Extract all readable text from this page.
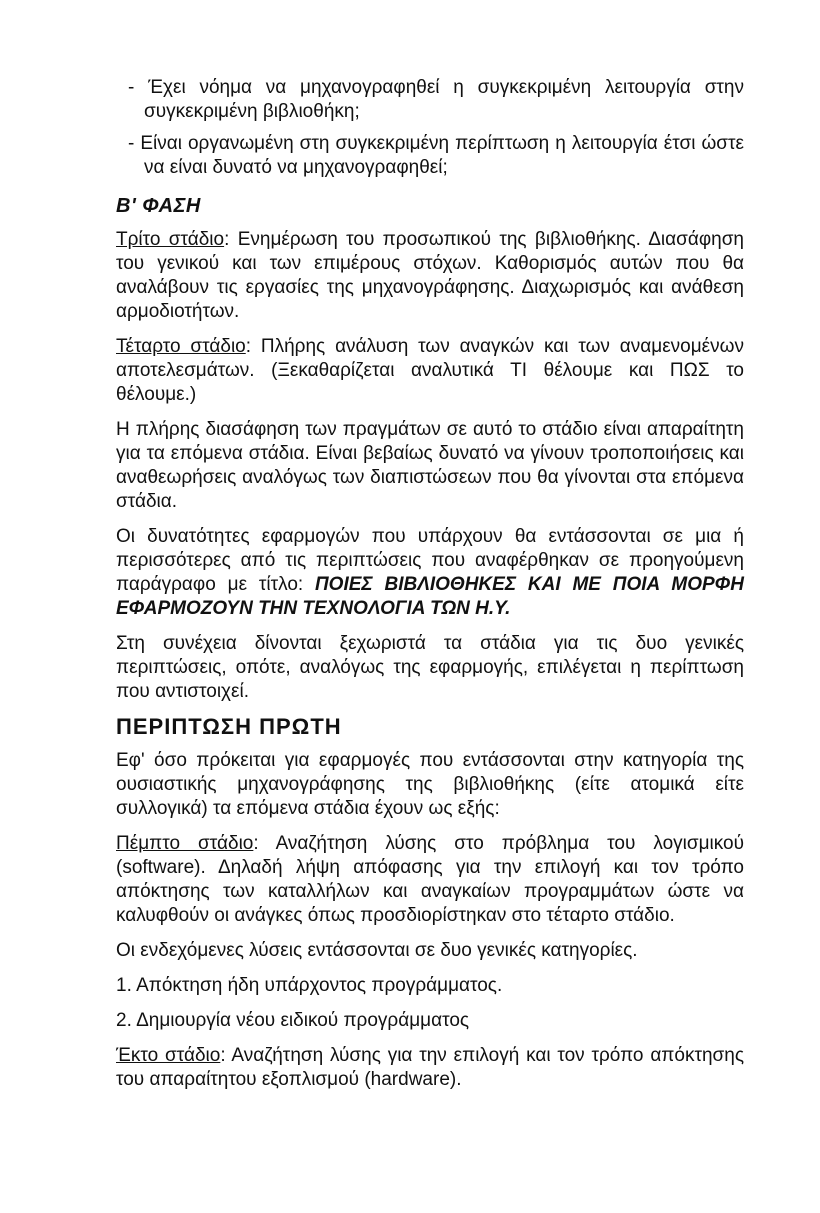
- Έχει νόημα να μηχανογραφηθεί η συγκεκριμένη λειτουργία στην συγκεκριμένη βιβλιοθήκη;

- Είναι οργανωμένη στη συγκεκριμένη περίπτωση η λειτουργία έτσι ώστε να είναι δυνατό να μηχανογραφηθεί;

Β' ΦΑΣΗ

Τρίτο στάδιο: Ενημέρωση του προσωπικού της βιβλιοθήκης. Διασάφηση του γενικού και των επιμέρους στόχων. Καθορισμός αυτών που θα αναλάβουν τις εργασίες της μηχανογράφησης. Διαχωρισμός και ανάθεση αρμοδιοτήτων.

Τέταρτο στάδιο: Πλήρης ανάλυση των αναγκών και των αναμενομένων αποτελεσμάτων. (Ξεκαθαρίζεται αναλυτικά ΤΙ θέλουμε και ΠΩΣ το θέλουμε.)

Η πλήρης διασάφηση των πραγμάτων σε αυτό το στάδιο είναι απαραίτητη για τα επόμενα στάδια. Είναι βεβαίως δυνατό να γίνουν τροποποιήσεις και αναθεωρήσεις αναλόγως των διαπιστώσεων που θα γίνονται στα επόμενα στάδια.

Οι δυνατότητες εφαρμογών που υπάρχουν θα εντάσσονται σε μια ή περισσότερες από τις περιπτώσεις που αναφέρθηκαν σε προηγούμενη παράγραφο με τίτλο: ΠΟΙΕΣ ΒΙΒΛΙΟΘΗΚΕΣ ΚΑΙ ΜΕ ΠΟΙΑ ΜΟΡΦΗ ΕΦΑΡΜΟΖΟΥΝ ΤΗΝ ΤΕΧΝΟΛΟΓΙΑ ΤΩΝ Η.Υ.

Στη συνέχεια δίνονται ξεχωριστά τα στάδια για τις δυο γενικές περιπτώσεις, οπότε, αναλόγως της εφαρμογής, επιλέγεται η περίπτωση που αντιστοιχεί.

ΠΕΡΙΠΤΩΣΗ ΠΡΩΤΗ

Εφ' όσο πρόκειται για εφαρμογές που εντάσσονται στην κατηγορία της ουσιαστικής μηχανογράφησης της βιβλιοθήκης (είτε ατομικά είτε συλλογικά) τα επόμενα στάδια έχουν ως εξής:

Πέμπτο στάδιο: Αναζήτηση λύσης στο πρόβλημα του λογισμικού (software). Δηλαδή λήψη απόφασης για την επιλογή και τον τρόπο απόκτησης των καταλλήλων και αναγκαίων προγραμμάτων ώστε να καλυφθούν οι ανάγκες όπως προσδιορίστηκαν στο τέταρτο στάδιο.

Οι ενδεχόμενες λύσεις εντάσσονται σε δυο γενικές κατηγορίες.

1. Απόκτηση ήδη υπάρχοντος προγράμματος.

2. Δημιουργία νέου ειδικού προγράμματος

Έκτο στάδιο: Αναζήτηση λύσης για την επιλογή και τον τρόπο απόκτησης του απαραίτητου εξοπλισμού (hardware).
